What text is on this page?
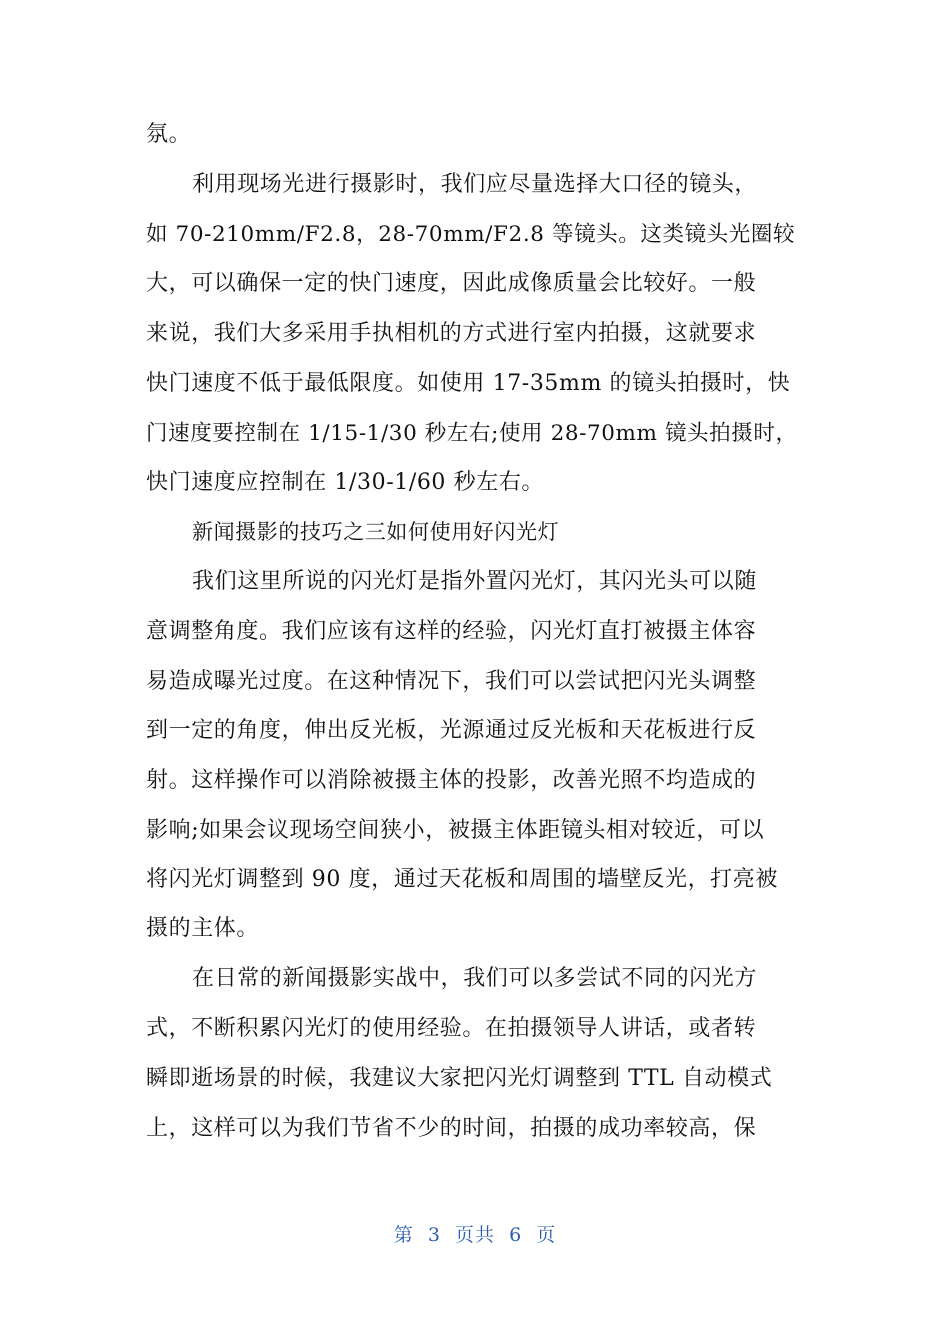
氛。
利用现场光进行摄影时，我们应尽量选择大口径的镜头，
如 70-210mm/F2.8，28-70mm/F2.8 等镜头。这类镜头光圈较
大，可以确保一定的快门速度，因此成像质量会比较好。一般
来说，我们大多采用手执相机的方式进行室内拍摄，这就要求
快门速度不低于最低限度。如使用 17-35mm 的镜头拍摄时，快
门速度要控制在 1/15-1/30 秒左右;使用 28-70mm 镜头拍摄时，
快门速度应控制在 1/30-1/60 秒左右。
新闻摄影的技巧之三如何使用好闪光灯
我们这里所说的闪光灯是指外置闪光灯，其闪光头可以随
意调整角度。我们应该有这样的经验，闪光灯直打被摄主体容
易造成曝光过度。在这种情况下，我们可以尝试把闪光头调整
到一定的角度，伸出反光板，光源通过反光板和天花板进行反
射。这样操作可以消除被摄主体的投影，改善光照不均造成的
影响;如果会议现场空间狭小，被摄主体距镜头相对较近，可以
将闪光灯调整到 90 度，通过天花板和周围的墙壁反光，打亮被
摄的主体。
在日常的新闻摄影实战中，我们可以多尝试不同的闪光方
式，不断积累闪光灯的使用经验。在拍摄领导人讲话，或者转
瞬即逝场景的时候，我建议大家把闪光灯调整到 TTL 自动模式
上，这样可以为我们节省不少的时间，拍摄的成功率较高，保
第  3  页共  6  页
